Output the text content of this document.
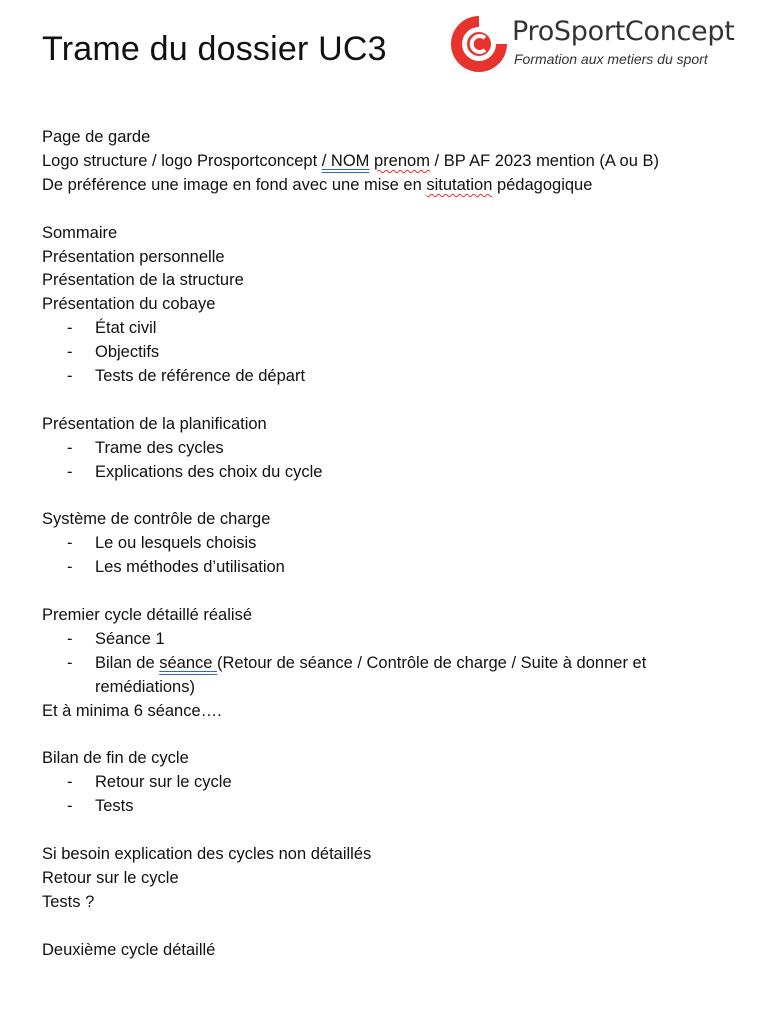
Trame du dossier UC3	ProSportConcept
Formation aux metiers du sport
Page de garde
Logo structure / logo Prosportconcept / NOM prenom / BP AF 2023 mention (A ou B)
De préférence une image en fond avec une mise en situtation pédagogique
Sommaire
Présentation personnelle
Présentation de la structure
Présentation du cobaye
- État civil
- Objectifs
- Tests de référence de départ
Présentation de la planification
- Trame des cycles
- Explications des choix du cycle
Système de contrôle de charge
- Le ou lesquels choisis
- Les méthodes d’utilisation
Premier cycle détaillé réalisé
- Séance 1
- Bilan de séance (Retour de séance / Contrôle de charge / Suite à donner et remédiations)
Et à minima 6 séance….
Bilan de fin de cycle
- Retour sur le cycle
- Tests
Si besoin explication des cycles non détaillés
Retour sur le cycle
Tests ?
Deuxième cycle détaillé
